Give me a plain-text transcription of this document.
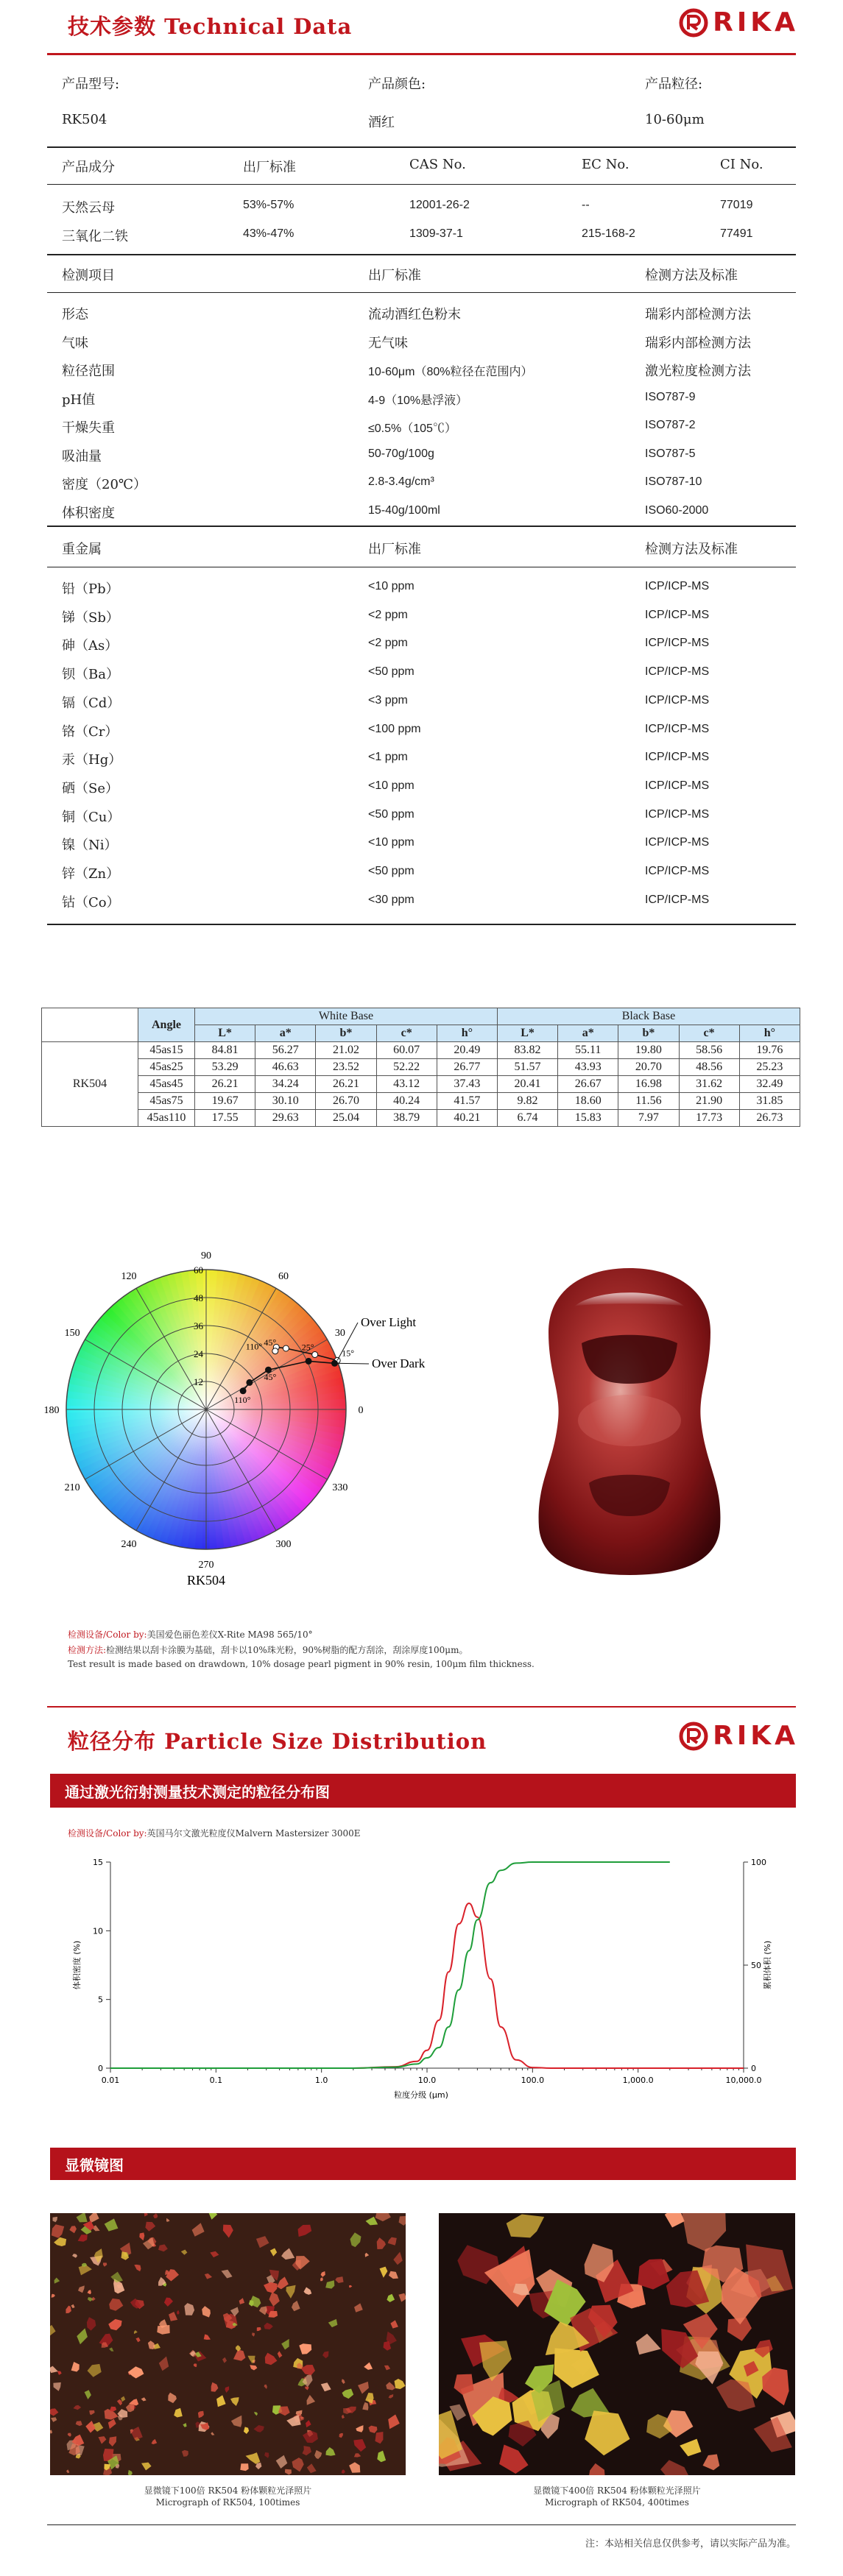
技术参数 Technical Data	RIKA
产品型号:	产品颜色:	产品粒径:
RK504	酒红	10-60μm
产品成分	出厂标准	CAS No.	EC No.	CI No.
天然云母	53%-57%	12001-26-2	--	77019
三氧化二铁	43%-47%	1309-37-1	215-168-2	77491
检测项目	出厂标准	检测方法及标准
形态	流动酒红色粉末	瑞彩内部检测方法
气味	无气味	瑞彩内部检测方法
粒径范围	10-60μm（80%粒径在范围内）	激光粒度检测方法
pH值	4-9（10%悬浮液）	ISO787-9
干燥失重	≤0.5%（105℃）	ISO787-2
吸油量	50-70g/100g	ISO787-5
密度（20℃）	2.8-3.4g/cm³	ISO787-10
体积密度	15-40g/100ml	ISO60-2000
重金属	出厂标准	检测方法及标准
铅（Pb）	<10 ppm	ICP/ICP-MS
锑（Sb）	<2 ppm	ICP/ICP-MS
砷（As）	<2 ppm	ICP/ICP-MS
钡（Ba）	<50 ppm	ICP/ICP-MS
镉（Cd）	<3 ppm	ICP/ICP-MS
铬（Cr）	<100 ppm	ICP/ICP-MS
汞（Hg）	<1 ppm	ICP/ICP-MS
硒（Se）	<10 ppm	ICP/ICP-MS
铜（Cu）	<50 ppm	ICP/ICP-MS
镍（Ni）	<10 ppm	ICP/ICP-MS
锌（Zn）	<50 ppm	ICP/ICP-MS
钴（Co）	<30 ppm	ICP/ICP-MS
	Angle	White Base					Black Base				
		L*	a*	b*	c*	h°	L*	a*	b*	c*	h°
RK504	45as15	84.81	56.27	21.02	60.07	20.49	83.82	55.11	19.80	58.56	19.76
	45as25	53.29	46.63	23.52	52.22	26.77	51.57	43.93	20.70	48.56	25.23
	45as45	26.21	34.24	26.21	43.12	37.43	20.41	26.67	16.98	31.62	32.49
	45as75	19.67	30.10	26.70	40.24	41.57	9.82	18.60	11.56	21.90	31.85
	45as110	17.55	29.63	25.04	38.79	40.21	6.74	15.83	7.97	17.73	26.73
90
120
150
180
210
240
270
300
330
0
30
60
12
24
36
48
60
15°
25°
45°
110°
45°
110°
Over Light
Over Dark
RK504
检测设备/Color by:美国爱色丽色差仪X-Rite MA98 565/10°
检测方法:检测结果以刮卡涂膜为基础，刮卡以10%珠光粉，90%树脂的配方刮涂，刮涂厚度100μm。
Test result is made based on drawdown, 10% dosage pearl pigment in 90% resin, 100μm film thickness.
粒径分布 Particle Size Distribution	RIKA
通过激光衍射测量技术测定的粒径分布图
检测设备/Color by:英国马尔文激光粒度仪Malvern Mastersizer 3000E
0.01	0.1	1.0	10.0	100.0	1,000.0	10,000.0
0
5
10
15
0
50
100
体积密度 (%)	累积体积 (%)
粒度分级 (μm)
显微镜图
显微镜下100倍 RK504 粉体颗粒光泽照片
Micrograph of RK504, 100times
显微镜下400倍 RK504 粉体颗粒光泽照片
Micrograph of RK504, 400times
注：本站相关信息仅供参考，请以实际产品为准。
